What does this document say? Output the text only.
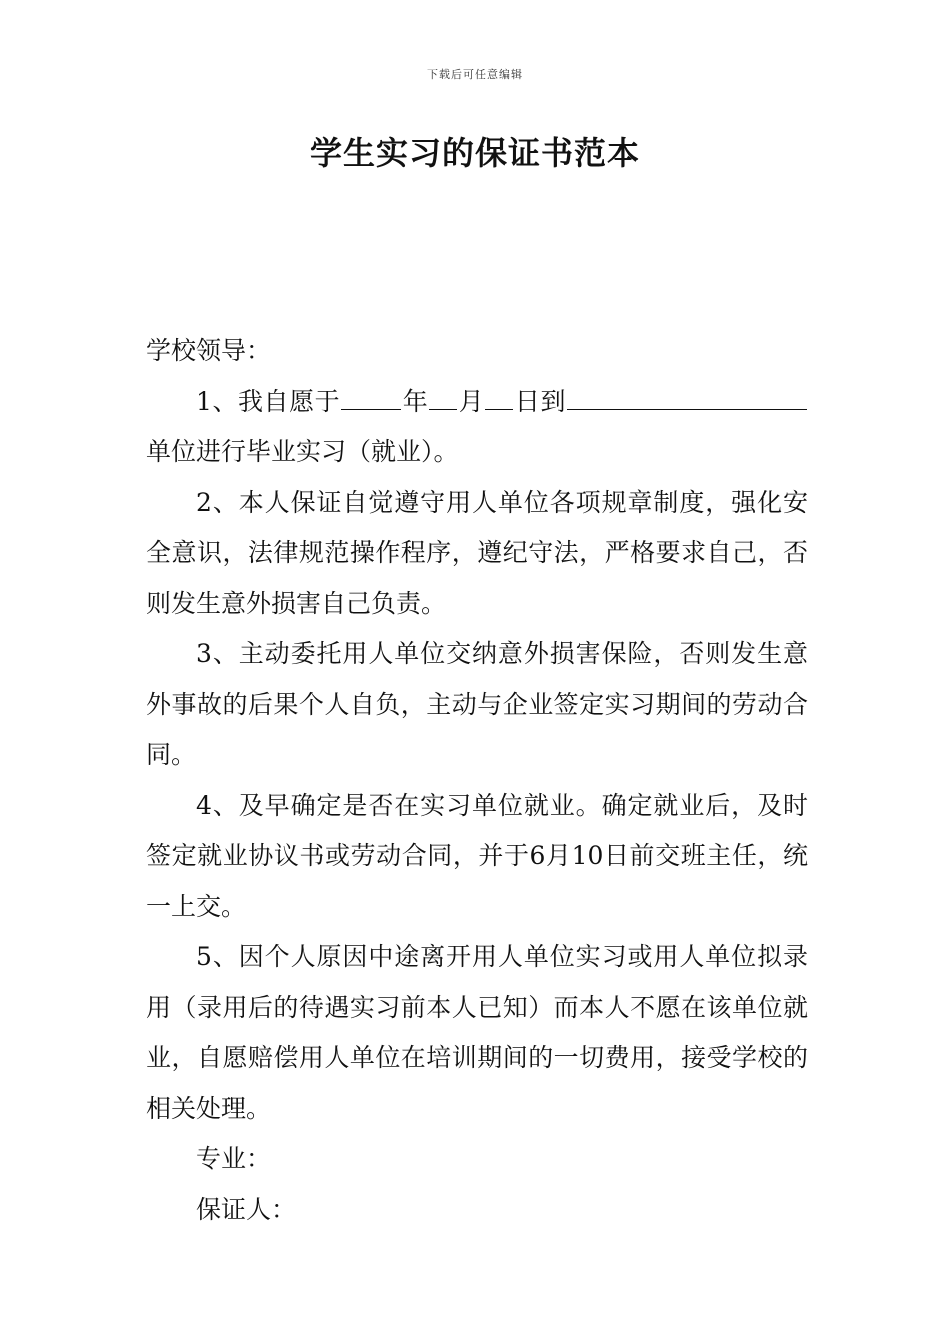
下载后可任意编辑
学生实习的保证书范本

学校领导：

1、我自愿于 年 月 日到单位进行毕业实习（就业）。

2、本人保证自觉遵守用人单位各项规章制度，强化安全意识，法律规范操作程序，遵纪守法，严格要求自己，否则发生意外损害自己负责。

3、主动委托用人单位交纳意外损害保险，否则发生意外事故的后果个人自负，主动与企业签定实习期间的劳动合同。

4、及早确定是否在实习单位就业。确定就业后，及时签定就业协议书或劳动合同，并于6月10日前交班主任，统一上交。

5、因个人原因中途离开用人单位实习或用人单位拟录用（录用后的待遇实习前本人已知）而本人不愿在该单位就业，自愿赔偿用人单位在培训期间的一切费用，接受学校的相关处理。

专业：

保证人：
